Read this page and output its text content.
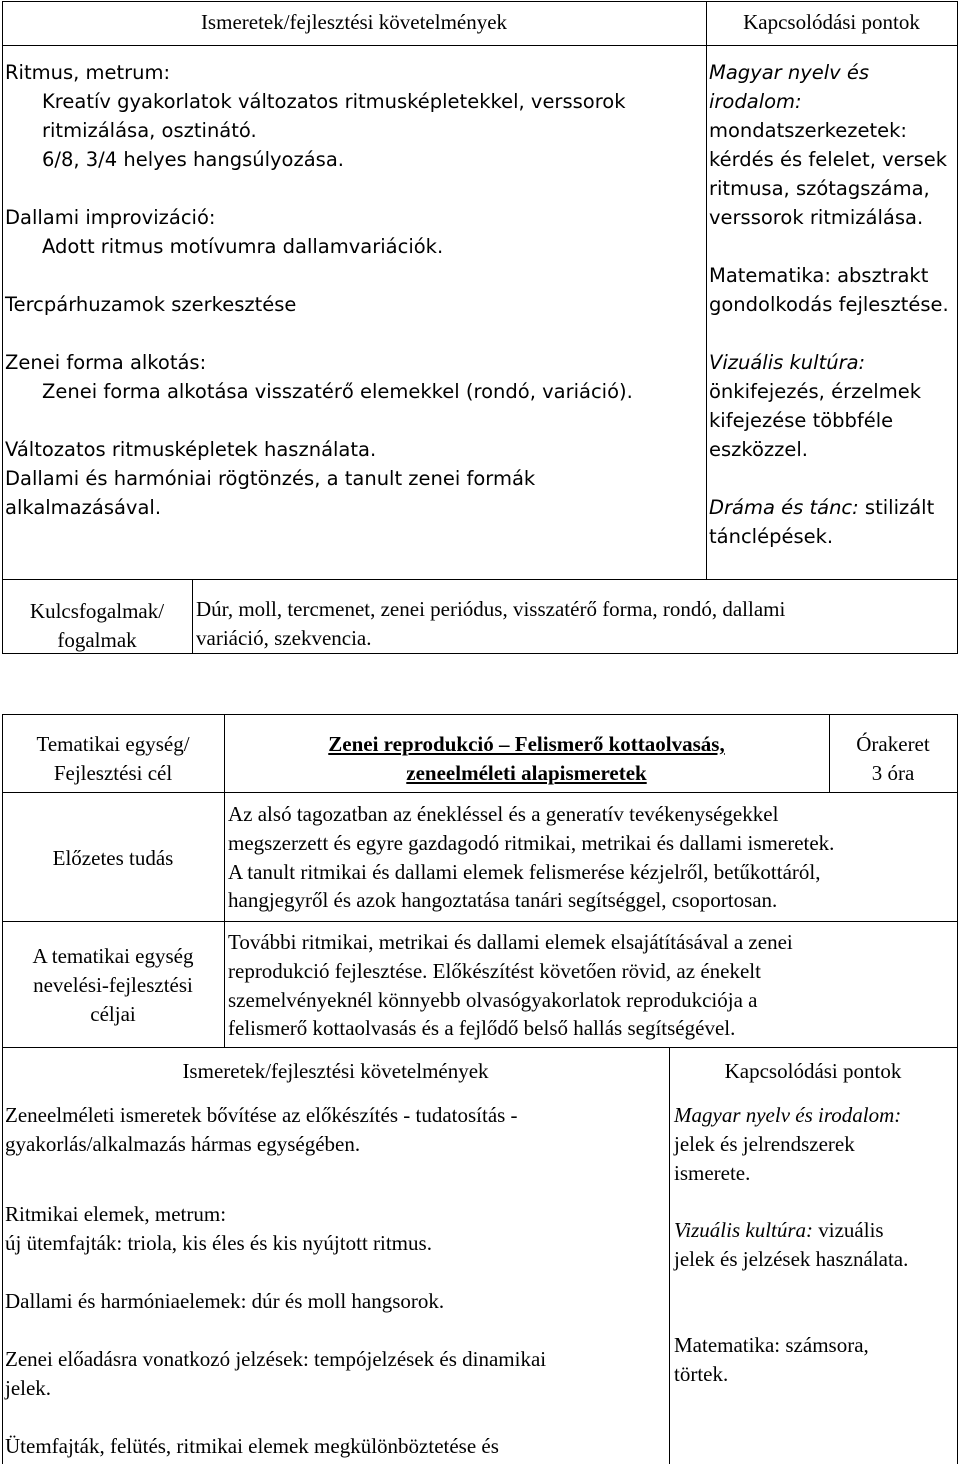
Ismeretek/fejlesztési követelmények	Kapcsolódási pontok
Ritmus, metrum:
Kreatív gyakorlatok változatos ritmusképletekkel, verssorok
ritmizálása, osztinátó.
6/8, 3/4 helyes hangsúlyozása.
Dallami improvizáció:
Adott ritmus motívumra dallamvariációk.
Tercpárhuzamok szerkesztése
Zenei forma alkotás:
Zenei forma alkotása visszatérő elemekkel (rondó, variáció).
Változatos ritmusképletek használata.
Dallami és harmóniai rögtönzés, a tanult zenei formák
alkalmazásával.
Magyar nyelv és
irodalom:
mondatszerkezetek:
kérdés és felelet, versek
ritmusa, szótagszáma,
verssorok ritmizálása.
Matematika: absztrakt
gondolkodás fejlesztése.
Vizuális kultúra:
önkifejezés, érzelmek
kifejezése többféle
eszközzel.
Dráma és tánc: stilizált
tánclépések.
Kulcsfogalmak/
fogalmak
Dúr, moll, tercmenet, zenei periódus, visszatérő forma, rondó, dallami
variáció, szekvencia.
Tematikai egység/
Fejlesztési cél
Zenei reprodukció – Felismerő kottaolvasás,
zeneelméleti alapismeretek
Órakeret
3 óra
Előzetes tudás
Az alsó tagozatban az énekléssel és a generatív tevékenységekkel
megszerzett és egyre gazdagodó ritmikai, metrikai és dallami ismeretek.
A tanult ritmikai és dallami elemek felismerése kézjelről, betűkottáról,
hangjegyről és azok hangoztatása tanári segítséggel, csoportosan.
A tematikai egység
nevelési-fejlesztési
céljai
További ritmikai, metrikai és dallami elemek elsajátításával a zenei
reprodukció fejlesztése. Előkészítést követően rövid, az énekelt
szemelvényeknél könnyebb olvasógyakorlatok reprodukciója a
felismerő kottaolvasás és a fejlődő belső hallás segítségével.
Ismeretek/fejlesztési követelmények	Kapcsolódási pontok
Zeneelméleti ismeretek bővítése az előkészítés - tudatosítás -
gyakorlás/alkalmazás hármas egységében.
Ritmikai elemek, metrum:
új ütemfajták: triola, kis éles és kis nyújtott ritmus.
Dallami és harmóniaelemek: dúr és moll hangsorok.
Zenei előadásra vonatkozó jelzések: tempójelzések és dinamikai
jelek.
Ütemfajták, felütés, ritmikai elemek megkülönböztetése és
Magyar nyelv és irodalom:
jelek és jelrendszerek
ismerete.
Vizuális kultúra: vizuális
jelek és jelzések használata.
Matematika: számsora,
törtek.
